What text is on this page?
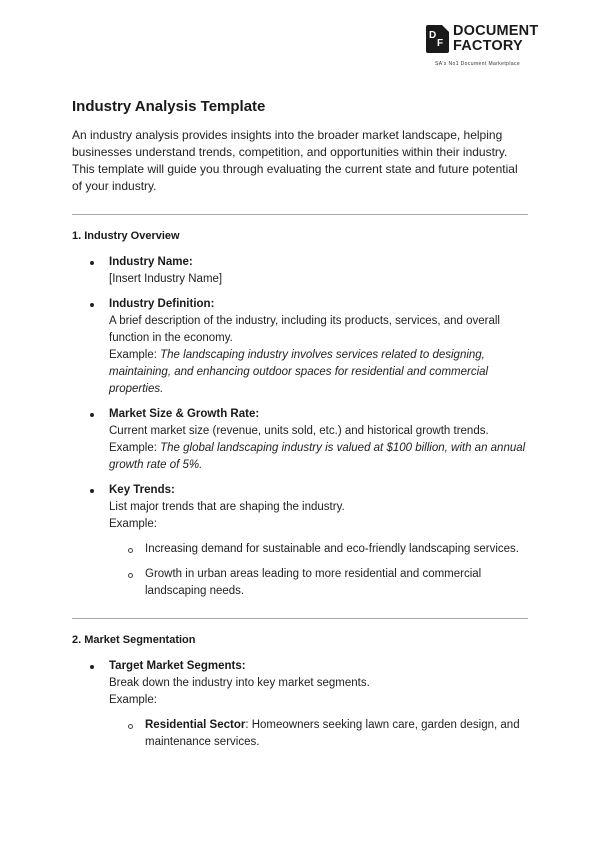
D
F
DOCUMENT
FACTORY
SA's No1 Document Marketplace
Industry Analysis Template

An industry analysis provides insights into the broader market landscape, helping businesses understand trends, competition, and opportunities within their industry. This template will guide you through evaluating the current state and future potential of your industry.

1. Industry Overview
Industry Name:
[Insert Industry Name]
Industry Definition:
A brief description of the industry, including its products, services, and overall function in the economy.
Example: The landscaping industry involves services related to designing, maintaining, and enhancing outdoor spaces for residential and commercial properties.
Market Size & Growth Rate:
Current market size (revenue, units sold, etc.) and historical growth trends.
Example: The global landscaping industry is valued at $100 billion, with an annual growth rate of 5%.
Key Trends:
List major trends that are shaping the industry.
Example:
Increasing demand for sustainable and eco-friendly landscaping services.
Growth in urban areas leading to more residential and commercial landscaping needs.
2. Market Segmentation
Target Market Segments:
Break down the industry into key market segments.
Example:
Residential Sector: Homeowners seeking lawn care, garden design, and maintenance services.
